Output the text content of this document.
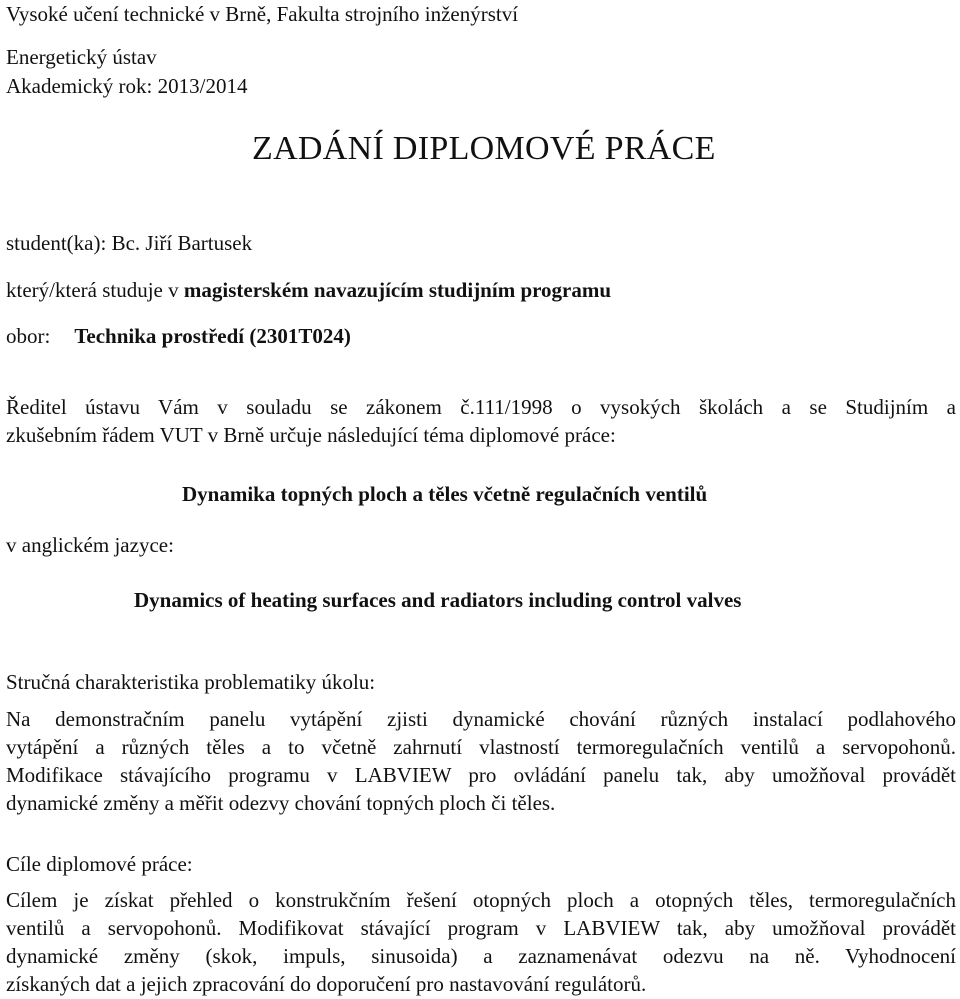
Vysoké učení technické v Brně, Fakulta strojního inženýrství

Energetický ústav

Akademický rok: 2013/2014

ZADÁNÍ DIPLOMOVÉ PRÁCE

student(ka): Bc. Jiří Bartusek

který/která studuje v magisterském navazujícím studijním programu

obor: Technika prostředí (2301T024)

Ředitel ústavu Vám v souladu se zákonem č.111/1998 o vysokých školách a se Studijním a
zkušebním řádem VUT v Brně určuje následující téma diplomové práce:

Dynamika topných ploch a těles včetně regulačních ventilů

v anglickém jazyce:

Dynamics of heating surfaces and radiators including control valves

Stručná charakteristika problematiky úkolu:

Na demonstračním panelu vytápění zjisti dynamické chování různých instalací podlahového
vytápění a různých těles a to včetně zahrnutí vlastností termoregulačních ventilů a servopohonů.
Modifikace stávajícího programu v LABVIEW pro ovládání panelu tak, aby umožňoval provádět
dynamické změny a měřit odezvy chování topných ploch či těles.

Cíle diplomové práce:

Cílem je získat přehled o konstrukčním řešení otopných ploch a otopných těles, termoregulačních
ventilů a servopohonů. Modifikovat stávající program v LABVIEW tak, aby umožňoval provádět
dynamické změny (skok, impuls, sinusoida) a zaznamenávat odezvu na ně. Vyhodnocení
získaných dat a jejich zpracování do doporučení pro nastavování regulátorů.
